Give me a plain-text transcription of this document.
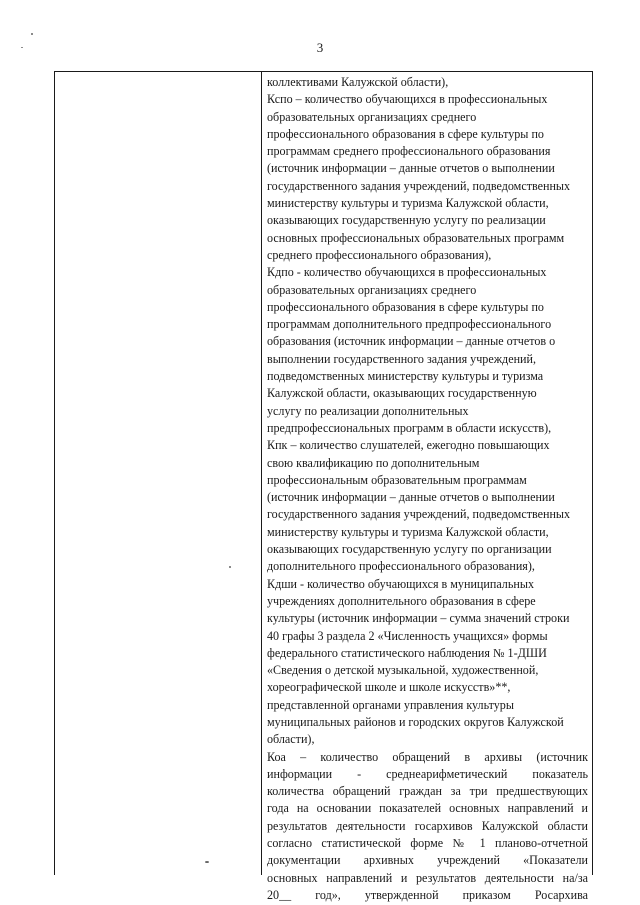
3
коллективами Калужской области),
Кспо – количество обучающихся в профессиональных
образовательных организациях среднего
профессионального образования в сфере культуры по
программам среднего профессионального образования
(источник информации – данные отчетов о выполнении
государственного задания учреждений, подведомственных
министерству культуры и туризма Калужской области,
оказывающих государственную услугу по реализации
основных профессиональных образовательных программ
среднего профессионального образования),
Кдпо - количество обучающихся в профессиональных
образовательных организациях среднего
профессионального образования в сфере культуры по
программам дополнительного предпрофессионального
образования (источник информации – данные отчетов о
выполнении государственного задания учреждений,
подведомственных министерству культуры и туризма
Калужской области, оказывающих государственную
услугу по реализации дополнительных
предпрофессиональных программ в области искусств),
Кпк – количество слушателей, ежегодно повышающих
свою квалификацию по дополнительным
профессиональным образовательным программам
(источник информации – данные отчетов о выполнении
государственного задания учреждений, подведомственных
министерству культуры и туризма Калужской области,
оказывающих государственную услугу по организации
дополнительного профессионального образования),
Кдши - количество обучающихся в муниципальных
учреждениях дополнительного образования в сфере
культуры (источник информации – сумма значений строки
40 графы 3 раздела 2 «Численность учащихся» формы
федерального статистического наблюдения № 1-ДШИ
«Сведения о детской музыкальной, художественной,
хореографической школе и школе искусств»**,
представленной органами управления культуры
муниципальных районов и городских округов Калужской
области),
Коа – количество обращений в архивы (источник
информации - среднеарифметический показатель
количества обращений граждан за три предшествующих
года на основании показателей основных направлений и
результатов деятельности госархивов Калужской области
согласно статистической форме № 1 планово-отчетной
документации архивных учреждений «Показатели
основных направлений и результатов деятельности на/за
20__ год», утвержденной приказом Росархива
